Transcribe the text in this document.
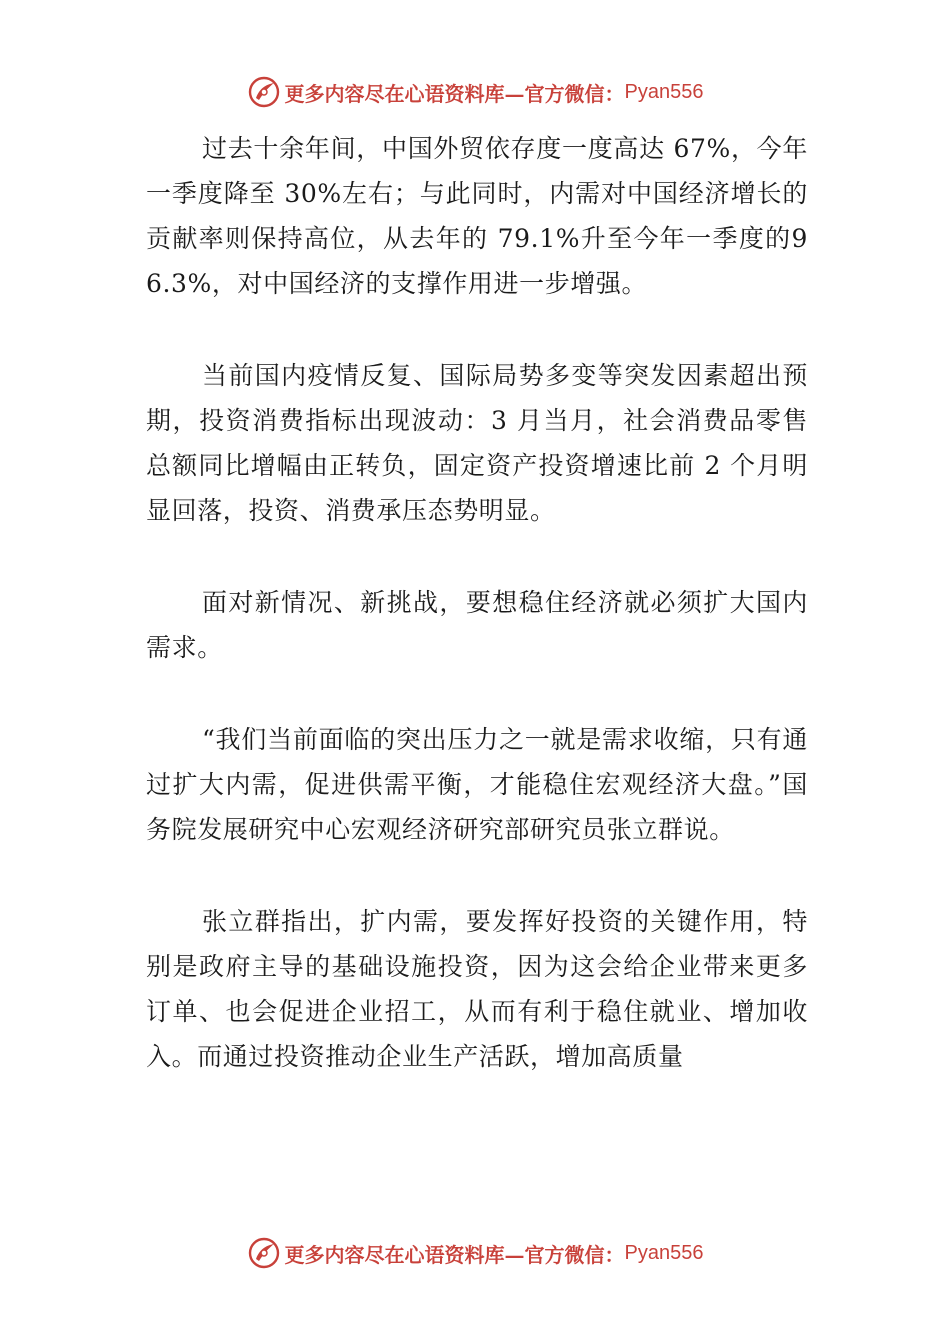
更多内容尽在心语资料库—官方微信： Pyan556

过去十余年间，中国外贸依存度一度高达 67%，今年一季度降至 30%左右；与此同时，内需对中国经济增长的贡献率则保持高位，从去年的 79.1%升至今年一季度的96.3%，对中国经济的支撑作用进一步增强。

当前国内疫情反复、国际局势多变等突发因素超出预期，投资消费指标出现波动：3 月当月，社会消费品零售总额同比增幅由正转负，固定资产投资增速比前 2 个月明显回落，投资、消费承压态势明显。

面对新情况、新挑战，要想稳住经济就必须扩大国内需求。

“我们当前面临的突出压力之一就是需求收缩，只有通过扩大内需，促进供需平衡，才能稳住宏观经济大盘。”国务院发展研究中心宏观经济研究部研究员张立群说。

张立群指出，扩内需，要发挥好投资的关键作用，特别是政府主导的基础设施投资，因为这会给企业带来更多订单、也会促进企业招工，从而有利于稳住就业、增加收入。而通过投资推动企业生产活跃，增加高质量

更多内容尽在心语资料库—官方微信： Pyan556
